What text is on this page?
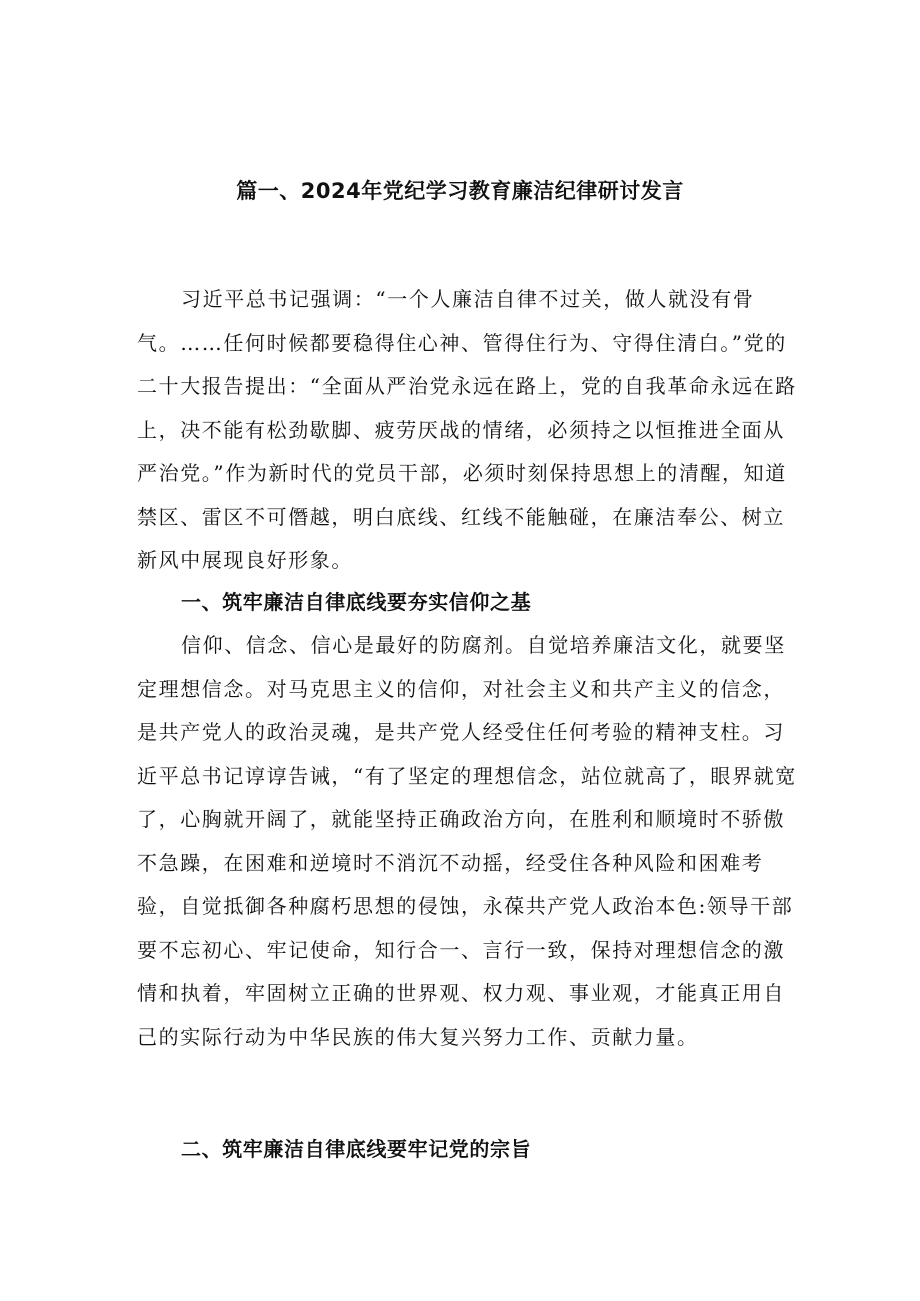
篇一、2024年党纪学习教育廉洁纪律研讨发言

习近平总书记强调：“一个人廉洁自律不过关，做人就没有骨气。……任何时候都要稳得住心神、管得住行为、守得住清白。”党的二十大报告提出：“全面从严治党永远在路上，党的自我革命永远在路上，决不能有松劲歇脚、疲劳厌战的情绪，必须持之以恒推进全面从严治党。”作为新时代的党员干部，必须时刻保持思想上的清醒，知道禁区、雷区不可僭越，明白底线、红线不能触碰，在廉洁奉公、树立新风中展现良好形象。

一、筑牢廉洁自律底线要夯实信仰之基

信仰、信念、信心是最好的防腐剂。自觉培养廉洁文化，就要坚定理想信念。对马克思主义的信仰，对社会主义和共产主义的信念，是共产党人的政治灵魂，是共产党人经受住任何考验的精神支柱。习近平总书记谆谆告诫，“有了坚定的理想信念，站位就高了，眼界就宽了，心胸就开阔了，就能坚持正确政治方向，在胜利和顺境时不骄傲不急躁，在困难和逆境时不消沉不动摇，经受住各种风险和困难考验，自觉抵御各种腐朽思想的侵蚀，永葆共产党人政治本色:领导干部要不忘初心、牢记使命，知行合一、言行一致，保持对理想信念的激情和执着，牢固树立正确的世界观、权力观、事业观，才能真正用自己的实际行动为中华民族的伟大复兴努力工作、贡献力量。

二、筑牢廉洁自律底线要牢记党的宗旨
